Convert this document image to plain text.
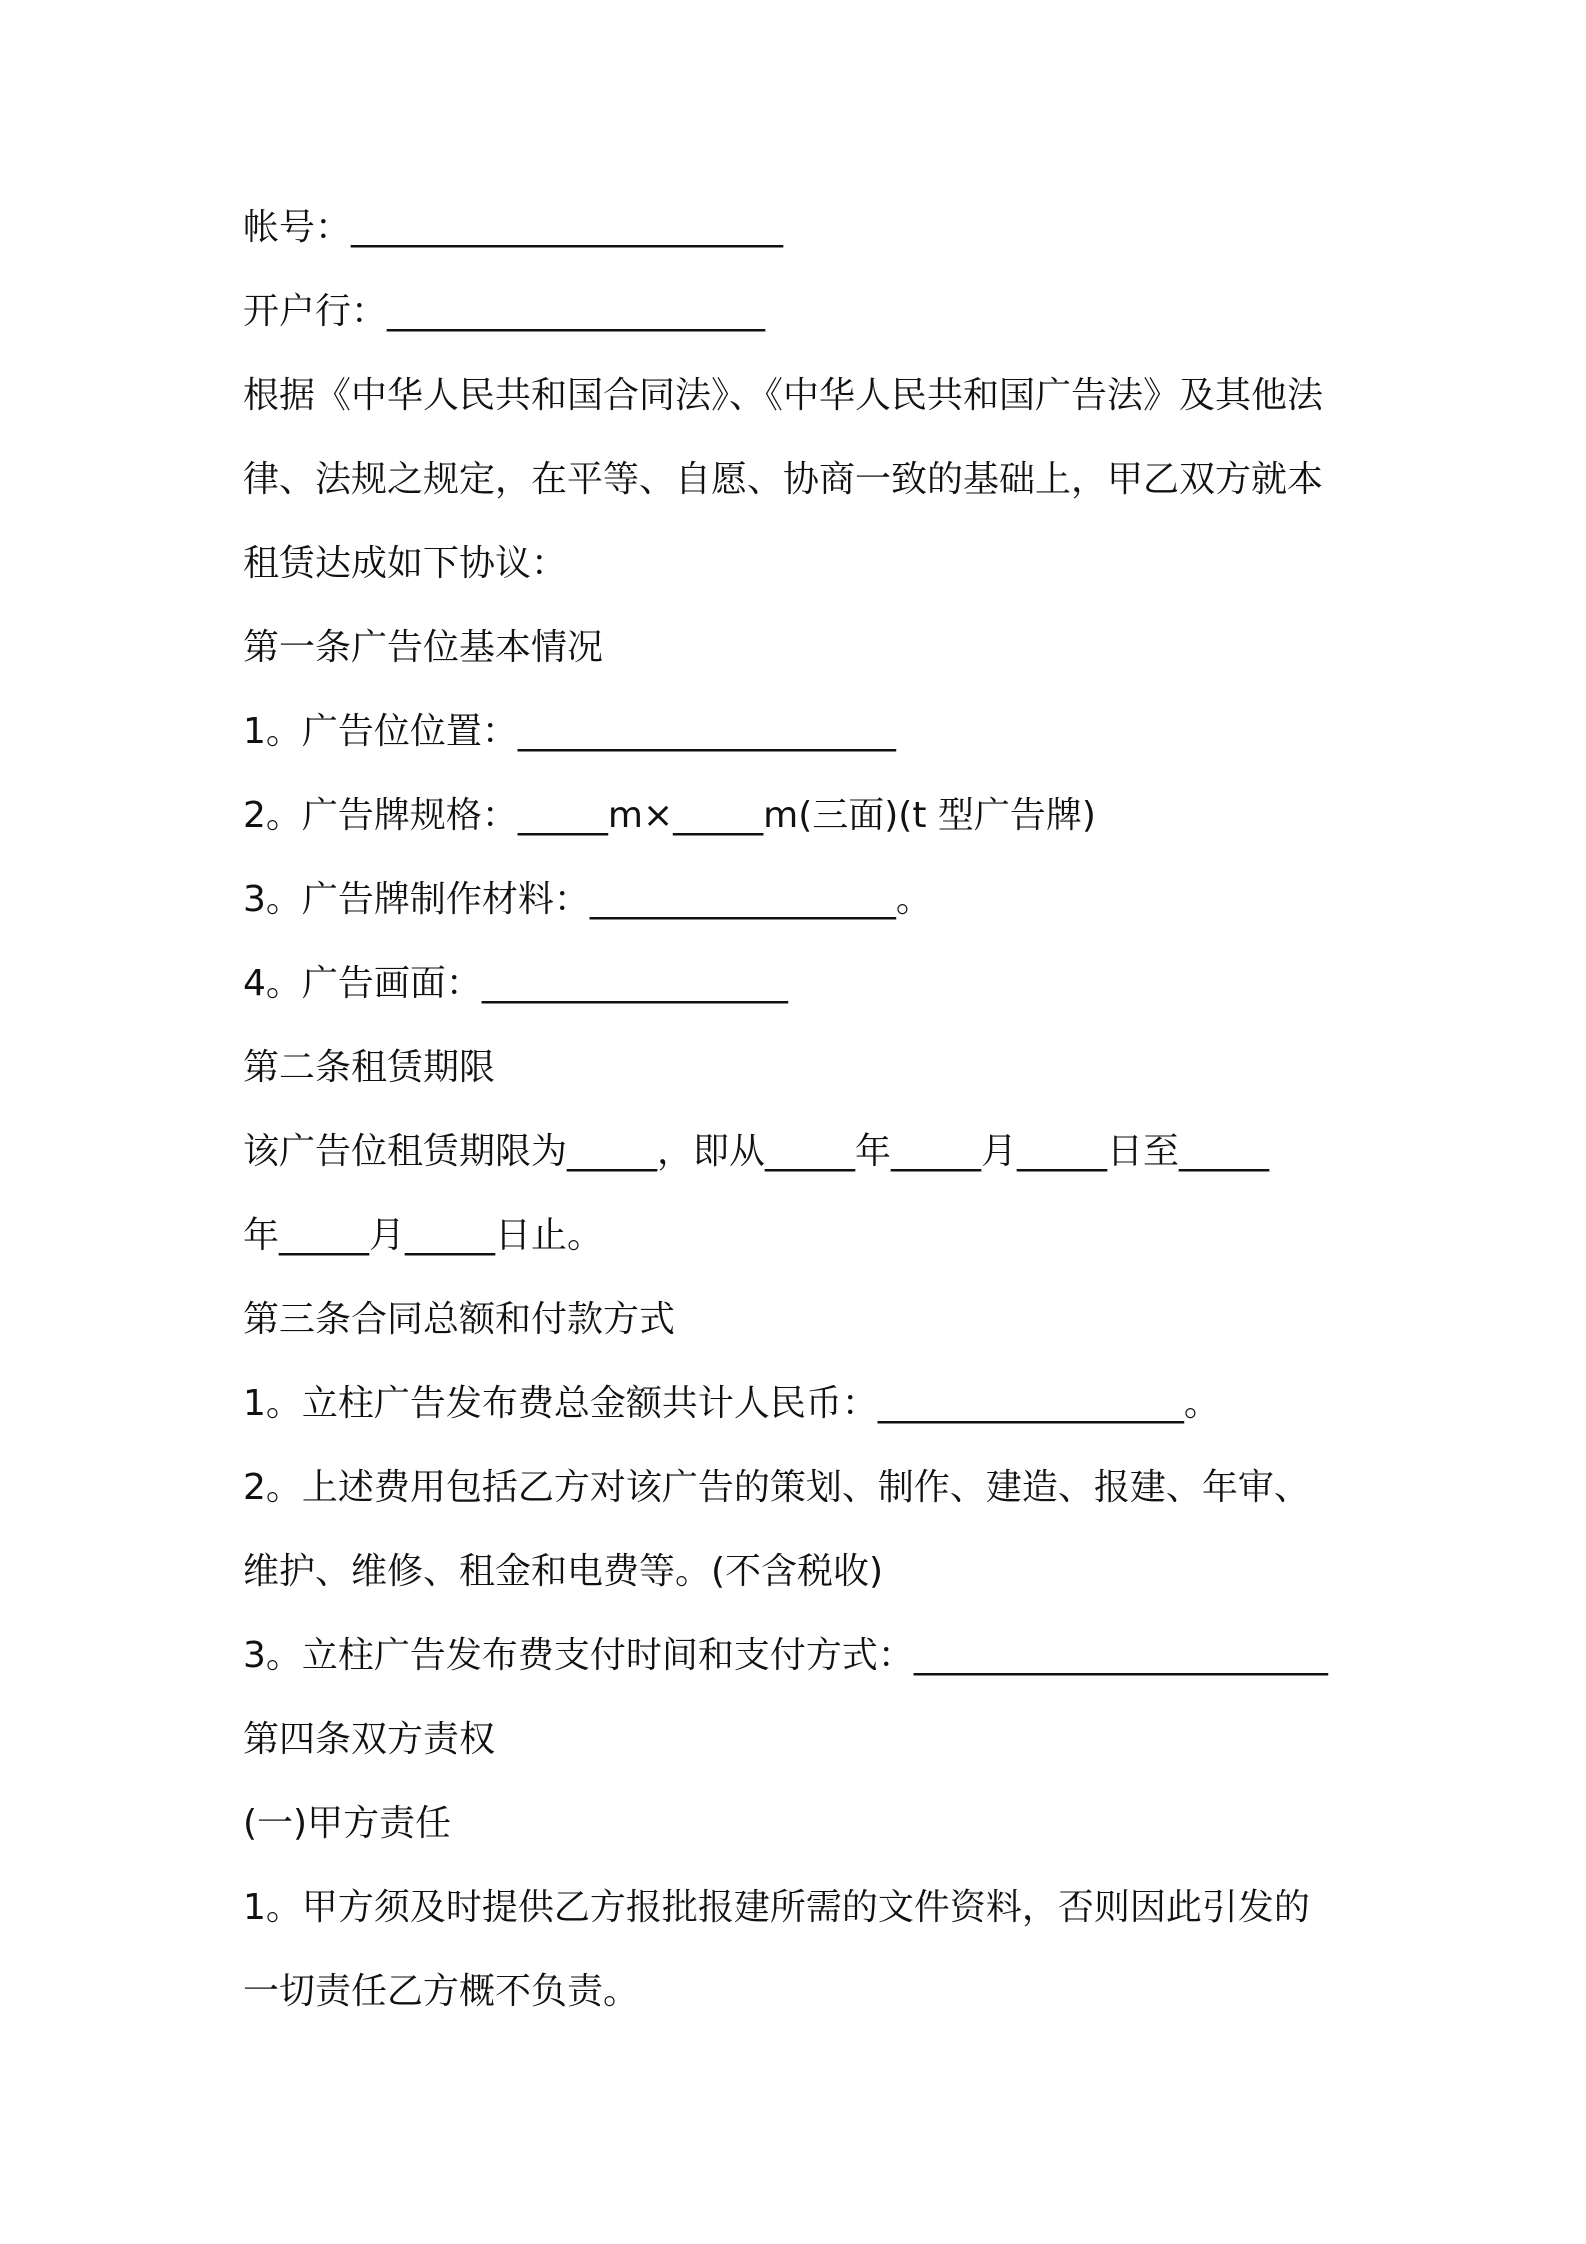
帐号：________________________
开户行：_____________________
根据《中华人民共和国合同法》、《中华人民共和国广告法》及其他法
律、法规之规定，在平等、自愿、协商一致的基础上，甲乙双方就本
租赁达成如下协议：
第一条广告位基本情况
1。广告位位置：_____________________
2。广告牌规格：_____m×_____m(三面)(t 型广告牌)
3。广告牌制作材料：_________________。
4。广告画面：_________________
第二条租赁期限
该广告位租赁期限为_____，即从_____年_____月_____日至_____
年_____月_____日止。
第三条合同总额和付款方式
1。立柱广告发布费总金额共计人民币：_________________。
2。上述费用包括乙方对该广告的策划、制作、建造、报建、年审、
维护、维修、租金和电费等。(不含税收)
3。立柱广告发布费支付时间和支付方式：_______________________
第四条双方责权
(一)甲方责任
1。甲方须及时提供乙方报批报建所需的文件资料，否则因此引发的
一切责任乙方概不负责。
